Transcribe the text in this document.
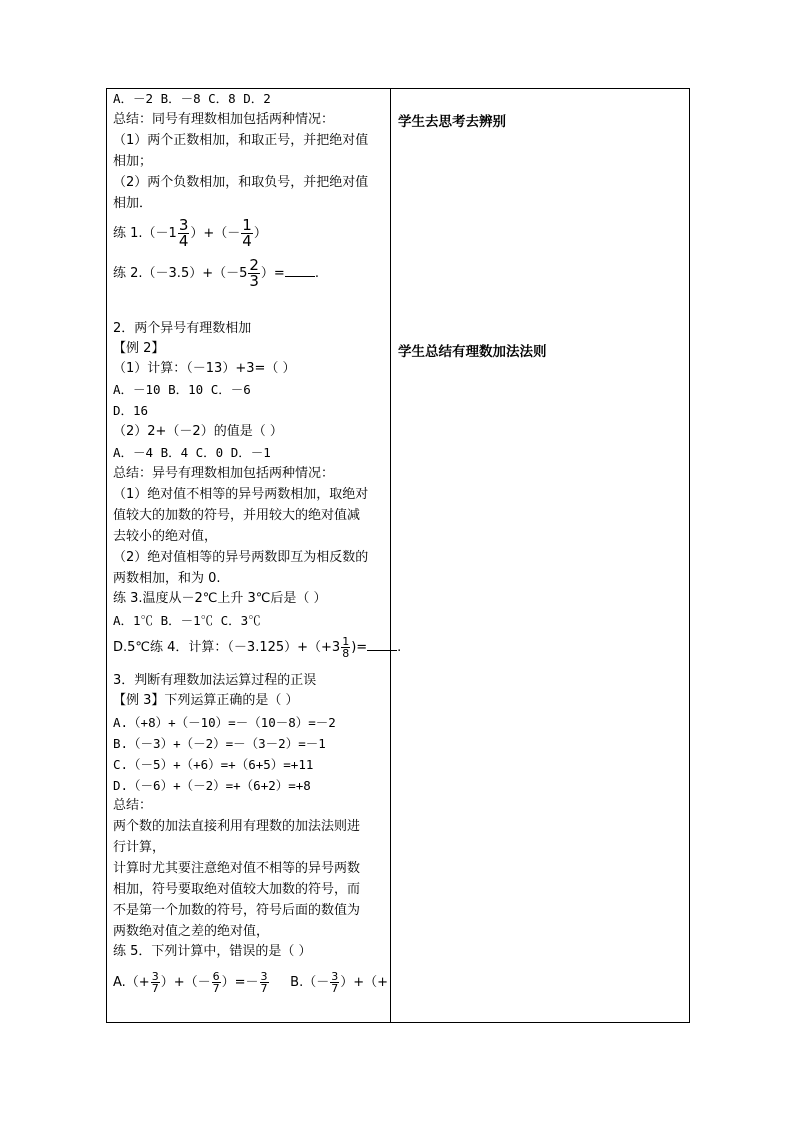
学生去思考去辨别
学生总结有理数加法法则
A．－2 B．－8 C．8 D．2
总结：同号有理数相加包括两种情况：
（1）两个正数相加，和取正号，并把绝对值
相加；
（2）两个负数相加，和取负号，并把绝对值
相加．
练 $1.(-1 \frac{3}{4}$ ）+（－ $\frac{1}{4}$ ）
练 $2.(-3.5)+(-5 \frac{2}{3}$ ）= .
2．两个异号有理数相加
【例 2】
（1）计算：（－13）+3=（ ）
A．－10 B．10 C．－6
D．16
（2）2+（－2）的值是（ ）
A．－4 B．4 C．0 D．－1
总结：异号有理数相加包括两种情况：
（1）绝对值不相等的异号两数相加，取绝对
值较大的加数的符号，并用较大的绝对值减
去较小的绝对值，
（2）绝对值相等的异号两数即互为相反数的
两数相加，和为 0.
练 3.温度从－2℃上升 3℃后是（ ）
A．1℃ B．－1℃ C．3℃
D.5℃练 4．计算：$(-3.125)+(+3 \frac{1}{8}$ )= .
3．判断有理数加法运算过程的正误
【例 3】下列运算正确的是（ ）
A.（+8）+（－10）=－（10－8）=－2
B.（－3）+（－2）=－（3－2）=－1
C.（－5）+（+6）=+（6+5）=+11
D.（－6）+（－2）=+（6+2）=+8
总结：
两个数的加法直接利用有理数的加法法则进
行计算，
计算时尤其要注意绝对值不相等的异号两数
相加，符号要取绝对值较大加数的符号，而
不是第一个加数的符号，符号后面的数值为
两数绝对值之差的绝对值，
练 5．下列计算中，错误的是（ ）
$A.(+ \frac{3}{7}$ ）+（－ $\frac{6}{7}$ ）=－ $\frac{3}{7} B.(- \frac{3}{7}$ ）+（+
